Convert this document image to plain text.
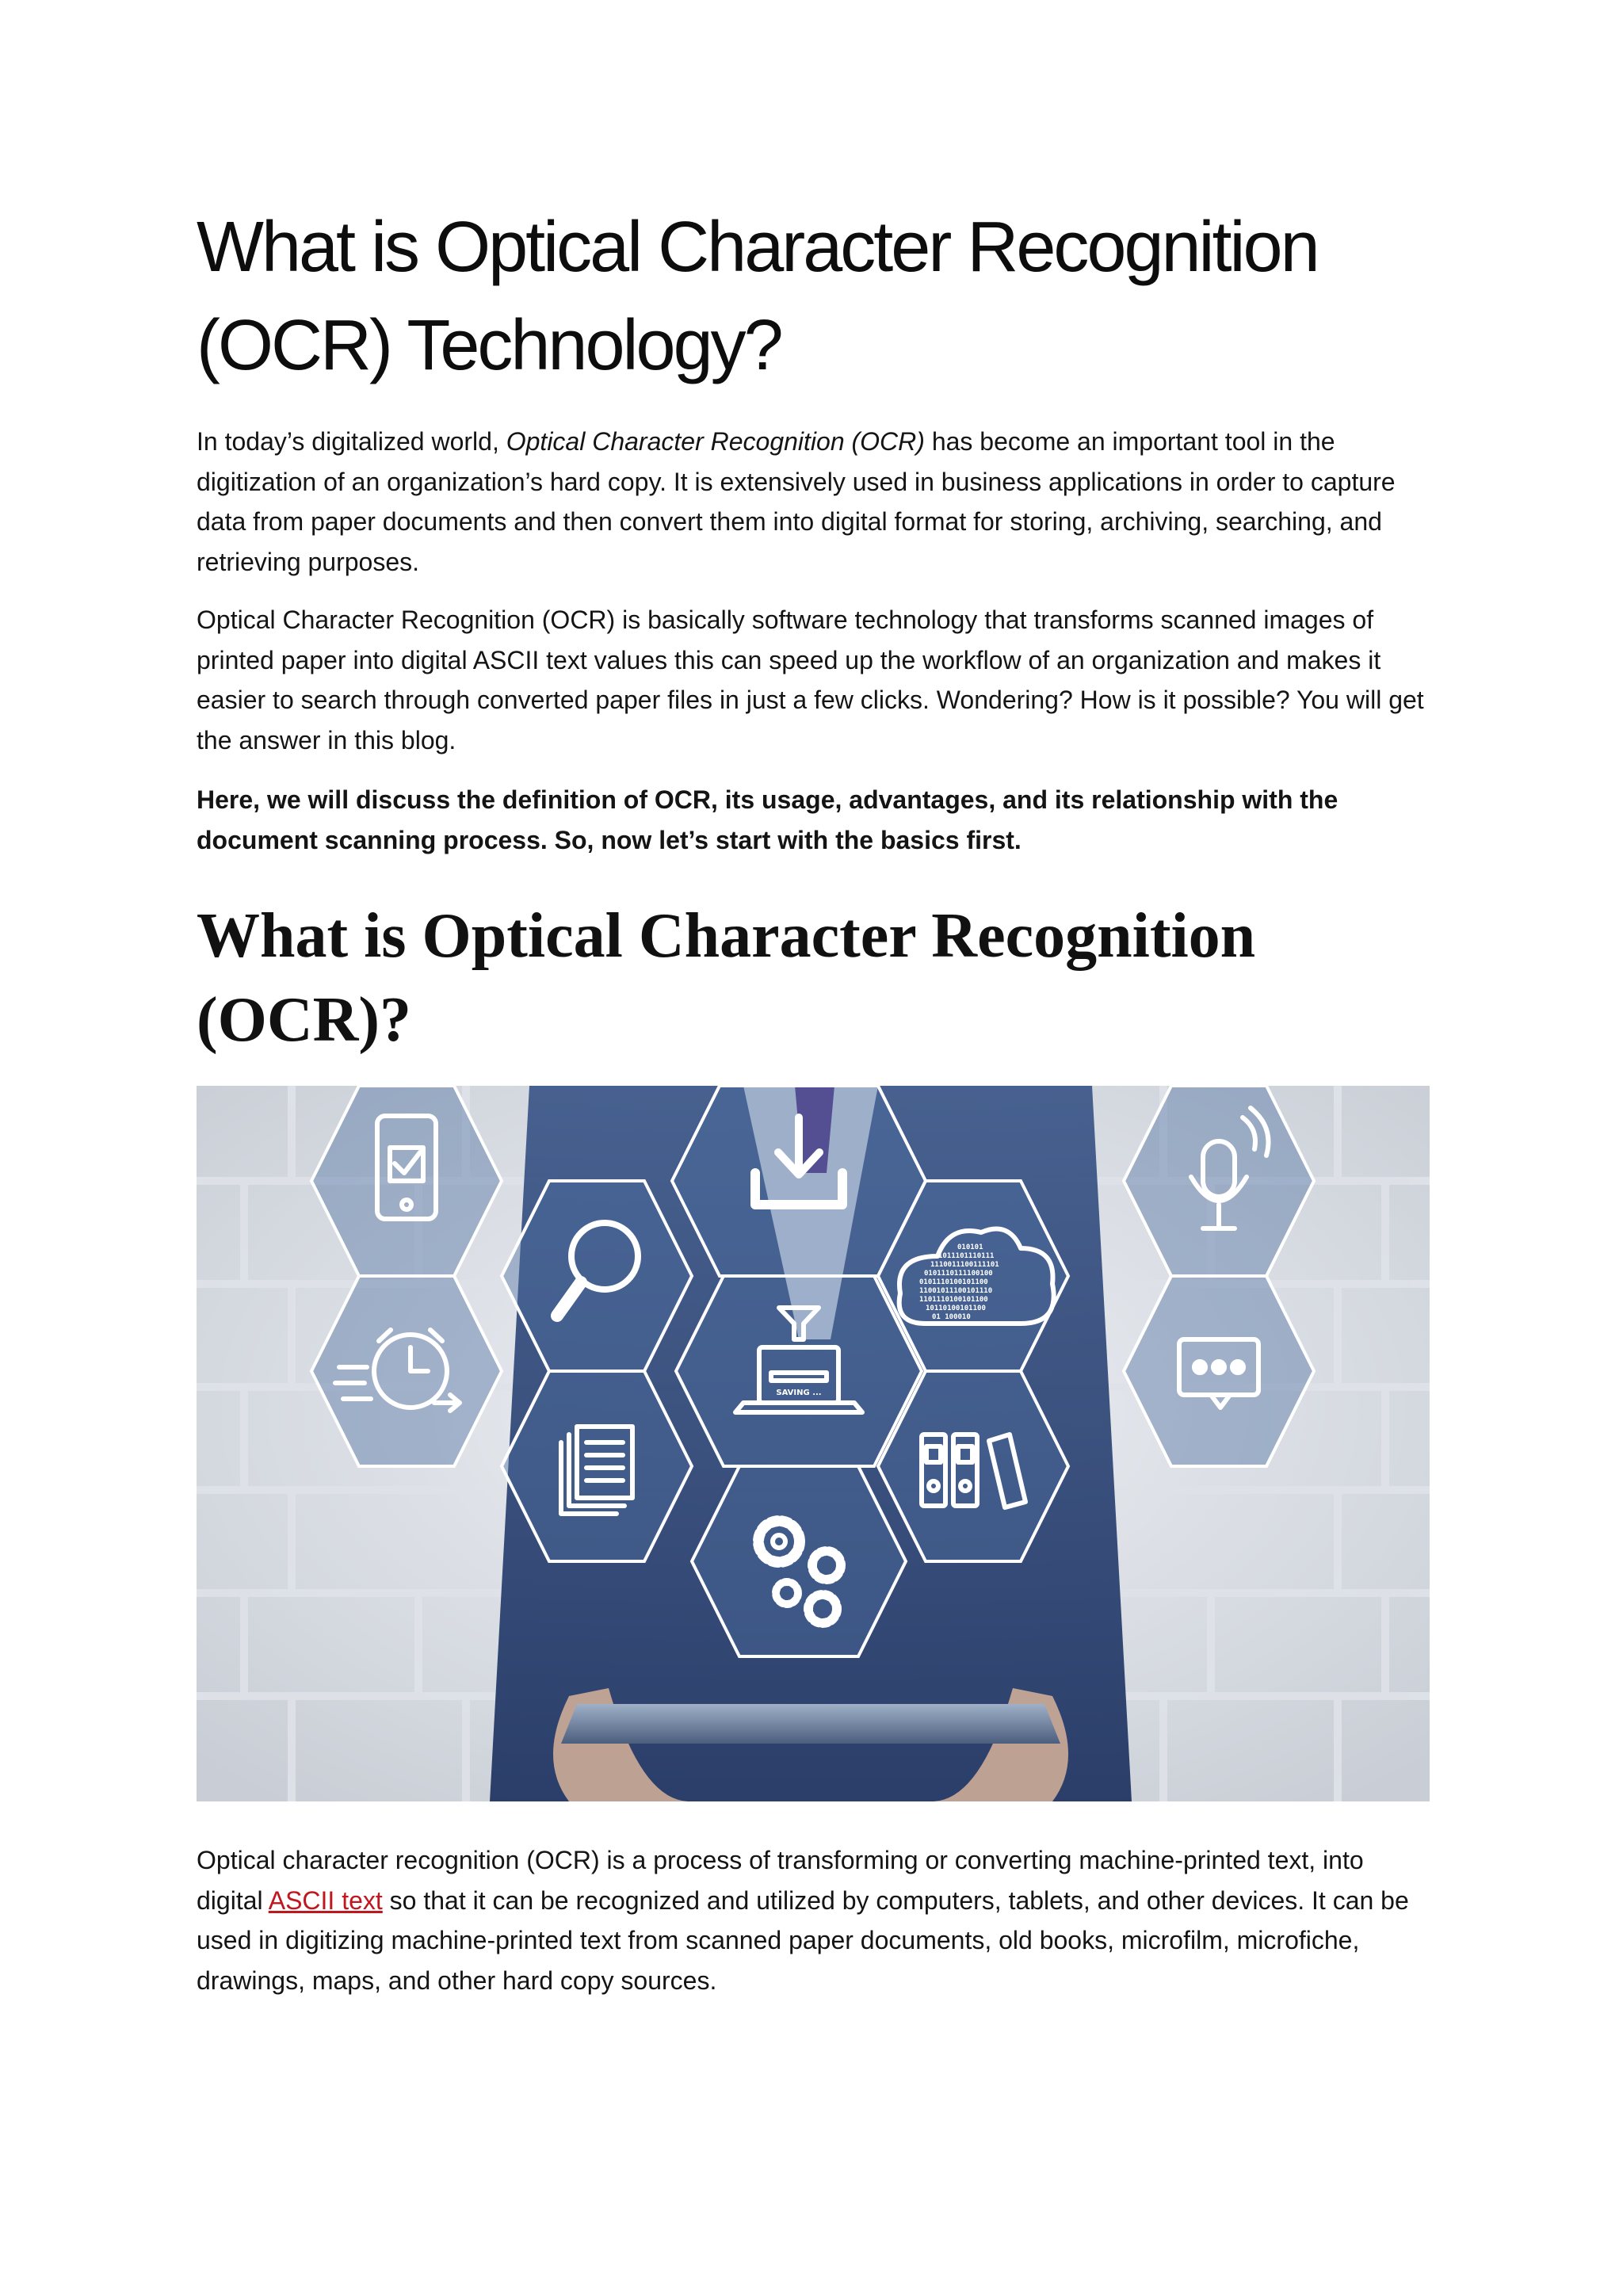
What is Optical Character Recognition (OCR) Technology?

In today’s digitalized world, Optical Character Recognition (OCR) has become an important tool in the digitization of an organization’s hard copy. It is extensively used in business applications in order to capture data from paper documents and then convert them into digital format for storing, archiving, searching, and retrieving purposes.

Optical Character Recognition (OCR) is basically software technology that transforms scanned images of printed paper into digital ASCII text values this can speed up the workflow of an organization and makes it easier to search through converted paper files in just a few clicks. Wondering? How is it possible? You will get the answer in this blog.

Here, we will discuss the definition of OCR, its usage, advantages, and its relationship with the document scanning process. So, now let’s start with the basics first.

What is Optical Character Recognition (OCR)?
010101
1011101110111
1110011100111101
0101110111100100
0101110100101100
11001011100101110
1101110100101100
10110100101100
01 100010
SAVING ...

Optical character recognition (OCR) is a process of transforming or converting machine-printed text, into digital ASCII text so that it can be recognized and utilized by computers, tablets, and other devices. It can be used in digitizing machine-printed text from scanned paper documents, old books, microfilm, microfiche, drawings, maps, and other hard copy sources.
